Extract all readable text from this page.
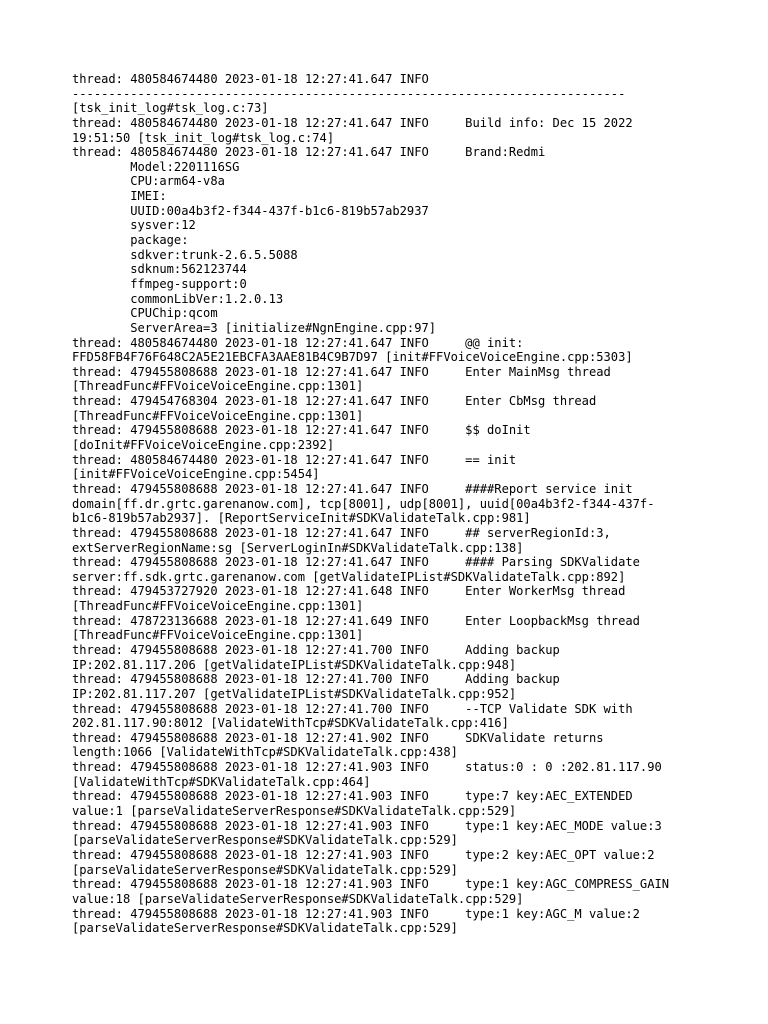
thread: 480584674480 2023-01-18 12:27:41.647 INFO
----------------------------------------------------------------------------
[tsk_init_log#tsk_log.c:73]
thread: 480584674480 2023-01-18 12:27:41.647 INFO     Build info: Dec 15 2022
19:51:50 [tsk_init_log#tsk_log.c:74]
thread: 480584674480 2023-01-18 12:27:41.647 INFO     Brand:Redmi
Model:2201116SG
CPU:arm64-v8a
IMEI:
UUID:00a4b3f2-f344-437f-b1c6-819b57ab2937
sysver:12
package:
sdkver:trunk-2.6.5.5088
sdknum:562123744
ffmpeg-support:0
commonLibVer:1.2.0.13
CPUChip:qcom
ServerArea=3 [initialize#NgnEngine.cpp:97]
thread: 480584674480 2023-01-18 12:27:41.647 INFO     @@ init:
FFD58FB4F76F648C2A5E21EBCFA3AAE81B4C9B7D97 [init#FFVoiceVoiceEngine.cpp:5303]
thread: 479455808688 2023-01-18 12:27:41.647 INFO     Enter MainMsg thread
[ThreadFunc#FFVoiceVoiceEngine.cpp:1301]
thread: 479454768304 2023-01-18 12:27:41.647 INFO     Enter CbMsg thread
[ThreadFunc#FFVoiceVoiceEngine.cpp:1301]
thread: 479455808688 2023-01-18 12:27:41.647 INFO     $$ doInit
[doInit#FFVoiceVoiceEngine.cpp:2392]
thread: 480584674480 2023-01-18 12:27:41.647 INFO     == init
[init#FFVoiceVoiceEngine.cpp:5454]
thread: 479455808688 2023-01-18 12:27:41.647 INFO     ####Report service init
domain[ff.dr.grtc.garenanow.com], tcp[8001], udp[8001], uuid[00a4b3f2-f344-437f-
b1c6-819b57ab2937]. [ReportServiceInit#SDKValidateTalk.cpp:981]
thread: 479455808688 2023-01-18 12:27:41.647 INFO     ## serverRegionId:3,
extServerRegionName:sg [ServerLoginIn#SDKValidateTalk.cpp:138]
thread: 479455808688 2023-01-18 12:27:41.647 INFO     #### Parsing SDKValidate
server:ff.sdk.grtc.garenanow.com [getValidateIPList#SDKValidateTalk.cpp:892]
thread: 479453727920 2023-01-18 12:27:41.648 INFO     Enter WorkerMsg thread
[ThreadFunc#FFVoiceVoiceEngine.cpp:1301]
thread: 478723136688 2023-01-18 12:27:41.649 INFO     Enter LoopbackMsg thread
[ThreadFunc#FFVoiceVoiceEngine.cpp:1301]
thread: 479455808688 2023-01-18 12:27:41.700 INFO     Adding backup
IP:202.81.117.206 [getValidateIPList#SDKValidateTalk.cpp:948]
thread: 479455808688 2023-01-18 12:27:41.700 INFO     Adding backup
IP:202.81.117.207 [getValidateIPList#SDKValidateTalk.cpp:952]
thread: 479455808688 2023-01-18 12:27:41.700 INFO     --TCP Validate SDK with
202.81.117.90:8012 [ValidateWithTcp#SDKValidateTalk.cpp:416]
thread: 479455808688 2023-01-18 12:27:41.902 INFO     SDKValidate returns
length:1066 [ValidateWithTcp#SDKValidateTalk.cpp:438]
thread: 479455808688 2023-01-18 12:27:41.903 INFO     status:0 : 0 :202.81.117.90
[ValidateWithTcp#SDKValidateTalk.cpp:464]
thread: 479455808688 2023-01-18 12:27:41.903 INFO     type:7 key:AEC_EXTENDED
value:1 [parseValidateServerResponse#SDKValidateTalk.cpp:529]
thread: 479455808688 2023-01-18 12:27:41.903 INFO     type:1 key:AEC_MODE value:3
[parseValidateServerResponse#SDKValidateTalk.cpp:529]
thread: 479455808688 2023-01-18 12:27:41.903 INFO     type:2 key:AEC_OPT value:2
[parseValidateServerResponse#SDKValidateTalk.cpp:529]
thread: 479455808688 2023-01-18 12:27:41.903 INFO     type:1 key:AGC_COMPRESS_GAIN
value:18 [parseValidateServerResponse#SDKValidateTalk.cpp:529]
thread: 479455808688 2023-01-18 12:27:41.903 INFO     type:1 key:AGC_M value:2
[parseValidateServerResponse#SDKValidateTalk.cpp:529]
